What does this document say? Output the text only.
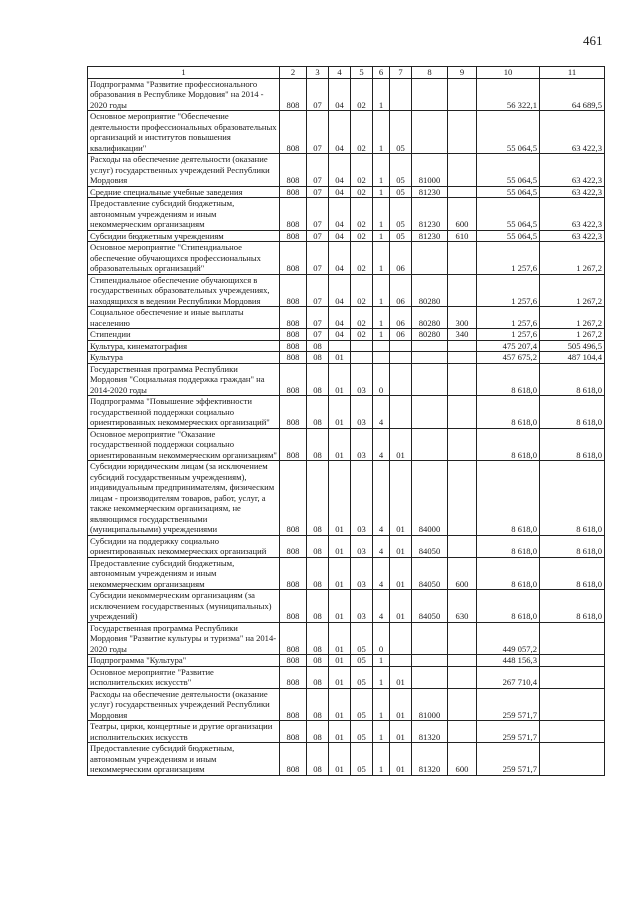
461
1	2	3	4	5	6	7	8	9	10	11
Подпрограмма "Развитие профессионального образования в Республике Мордовия" на 2014 - 2020 годы	808	07	04	02	1				56 322,1	64 689,5
Основное мероприятие "Обеспечение деятельности профессиональных образовательных организаций и институтов повышения квалификации"	808	07	04	02	1	05			55 064,5	63 422,3
Расходы на обеспечение деятельности (оказание услуг) государственных учреждений Республики Мордовия	808	07	04	02	1	05	81000		55 064,5	63 422,3
Средние специальные учебные заведения	808	07	04	02	1	05	81230		55 064,5	63 422,3
Предоставление субсидий бюджетным, автономным учреждениям и иным некоммерческим организациям	808	07	04	02	1	05	81230	600	55 064,5	63 422,3
Субсидии бюджетным учреждениям	808	07	04	02	1	05	81230	610	55 064,5	63 422,3
Основное мероприятие "Стипендиальное обеспечение обучающихся профессиональных образовательных организаций"	808	07	04	02	1	06			1 257,6	1 267,2
Стипендиальное обеспечение обучающихся в государственных образовательных учреждениях, находящихся в ведении Республики Мордовия	808	07	04	02	1	06	80280		1 257,6	1 267,2
Социальное обеспечение и иные выплаты населению	808	07	04	02	1	06	80280	300	1 257,6	1 267,2
Стипендии	808	07	04	02	1	06	80280	340	1 257,6	1 267,2
Культура, кинематография	808	08							475 207,4	505 496,5
Культура	808	08	01						457 675,2	487 104,4
Государственная программа Республики Мордовия "Социальная поддержка граждан" на 2014-2020 годы	808	08	01	03	0				8 618,0	8 618,0
Подпрограмма "Повышение эффективности государственной поддержки социально ориентированных некоммерческих организаций"	808	08	01	03	4				8 618,0	8 618,0
Основное мероприятие "Оказание государственной поддержки социально ориентированным некоммерческим организациям"	808	08	01	03	4	01			8 618,0	8 618,0
Субсидии юридическим лицам (за исключением субсидий государственным учреждениям), индивидуальным предпринимателям, физическим лицам - производителям товаров, работ, услуг, а также некоммерческим организациям, не являющимся государственными (муниципальными) учреждениями	808	08	01	03	4	01	84000		8 618,0	8 618,0
Субсидии на поддержку социально ориентированных некоммерческих организаций	808	08	01	03	4	01	84050		8 618,0	8 618,0
Предоставление субсидий бюджетным, автономным учреждениям и иным некоммерческим организациям	808	08	01	03	4	01	84050	600	8 618,0	8 618,0
Субсидии некоммерческим организациям (за исключением государственных (муниципальных) учреждений)	808	08	01	03	4	01	84050	630	8 618,0	8 618,0
Государственная программа Республики Мордовия "Развитие культуры и туризма" на 2014-2020 годы	808	08	01	05	0				449 057,2	
Подпрограмма "Культура"	808	08	01	05	1				448 156,3	
Основное мероприятие "Развитие исполнительских искусств"	808	08	01	05	1	01			267 710,4	
Расходы на обеспечение деятельности (оказание услуг) государственных учреждений Республики Мордовия	808	08	01	05	1	01	81000		259 571,7	
Театры, цирки, концертные и другие организации исполнительских искусств	808	08	01	05	1	01	81320		259 571,7	
Предоставление субсидий бюджетным, автономным учреждениям и иным некоммерческим организациям	808	08	01	05	1	01	81320	600	259 571,7	
